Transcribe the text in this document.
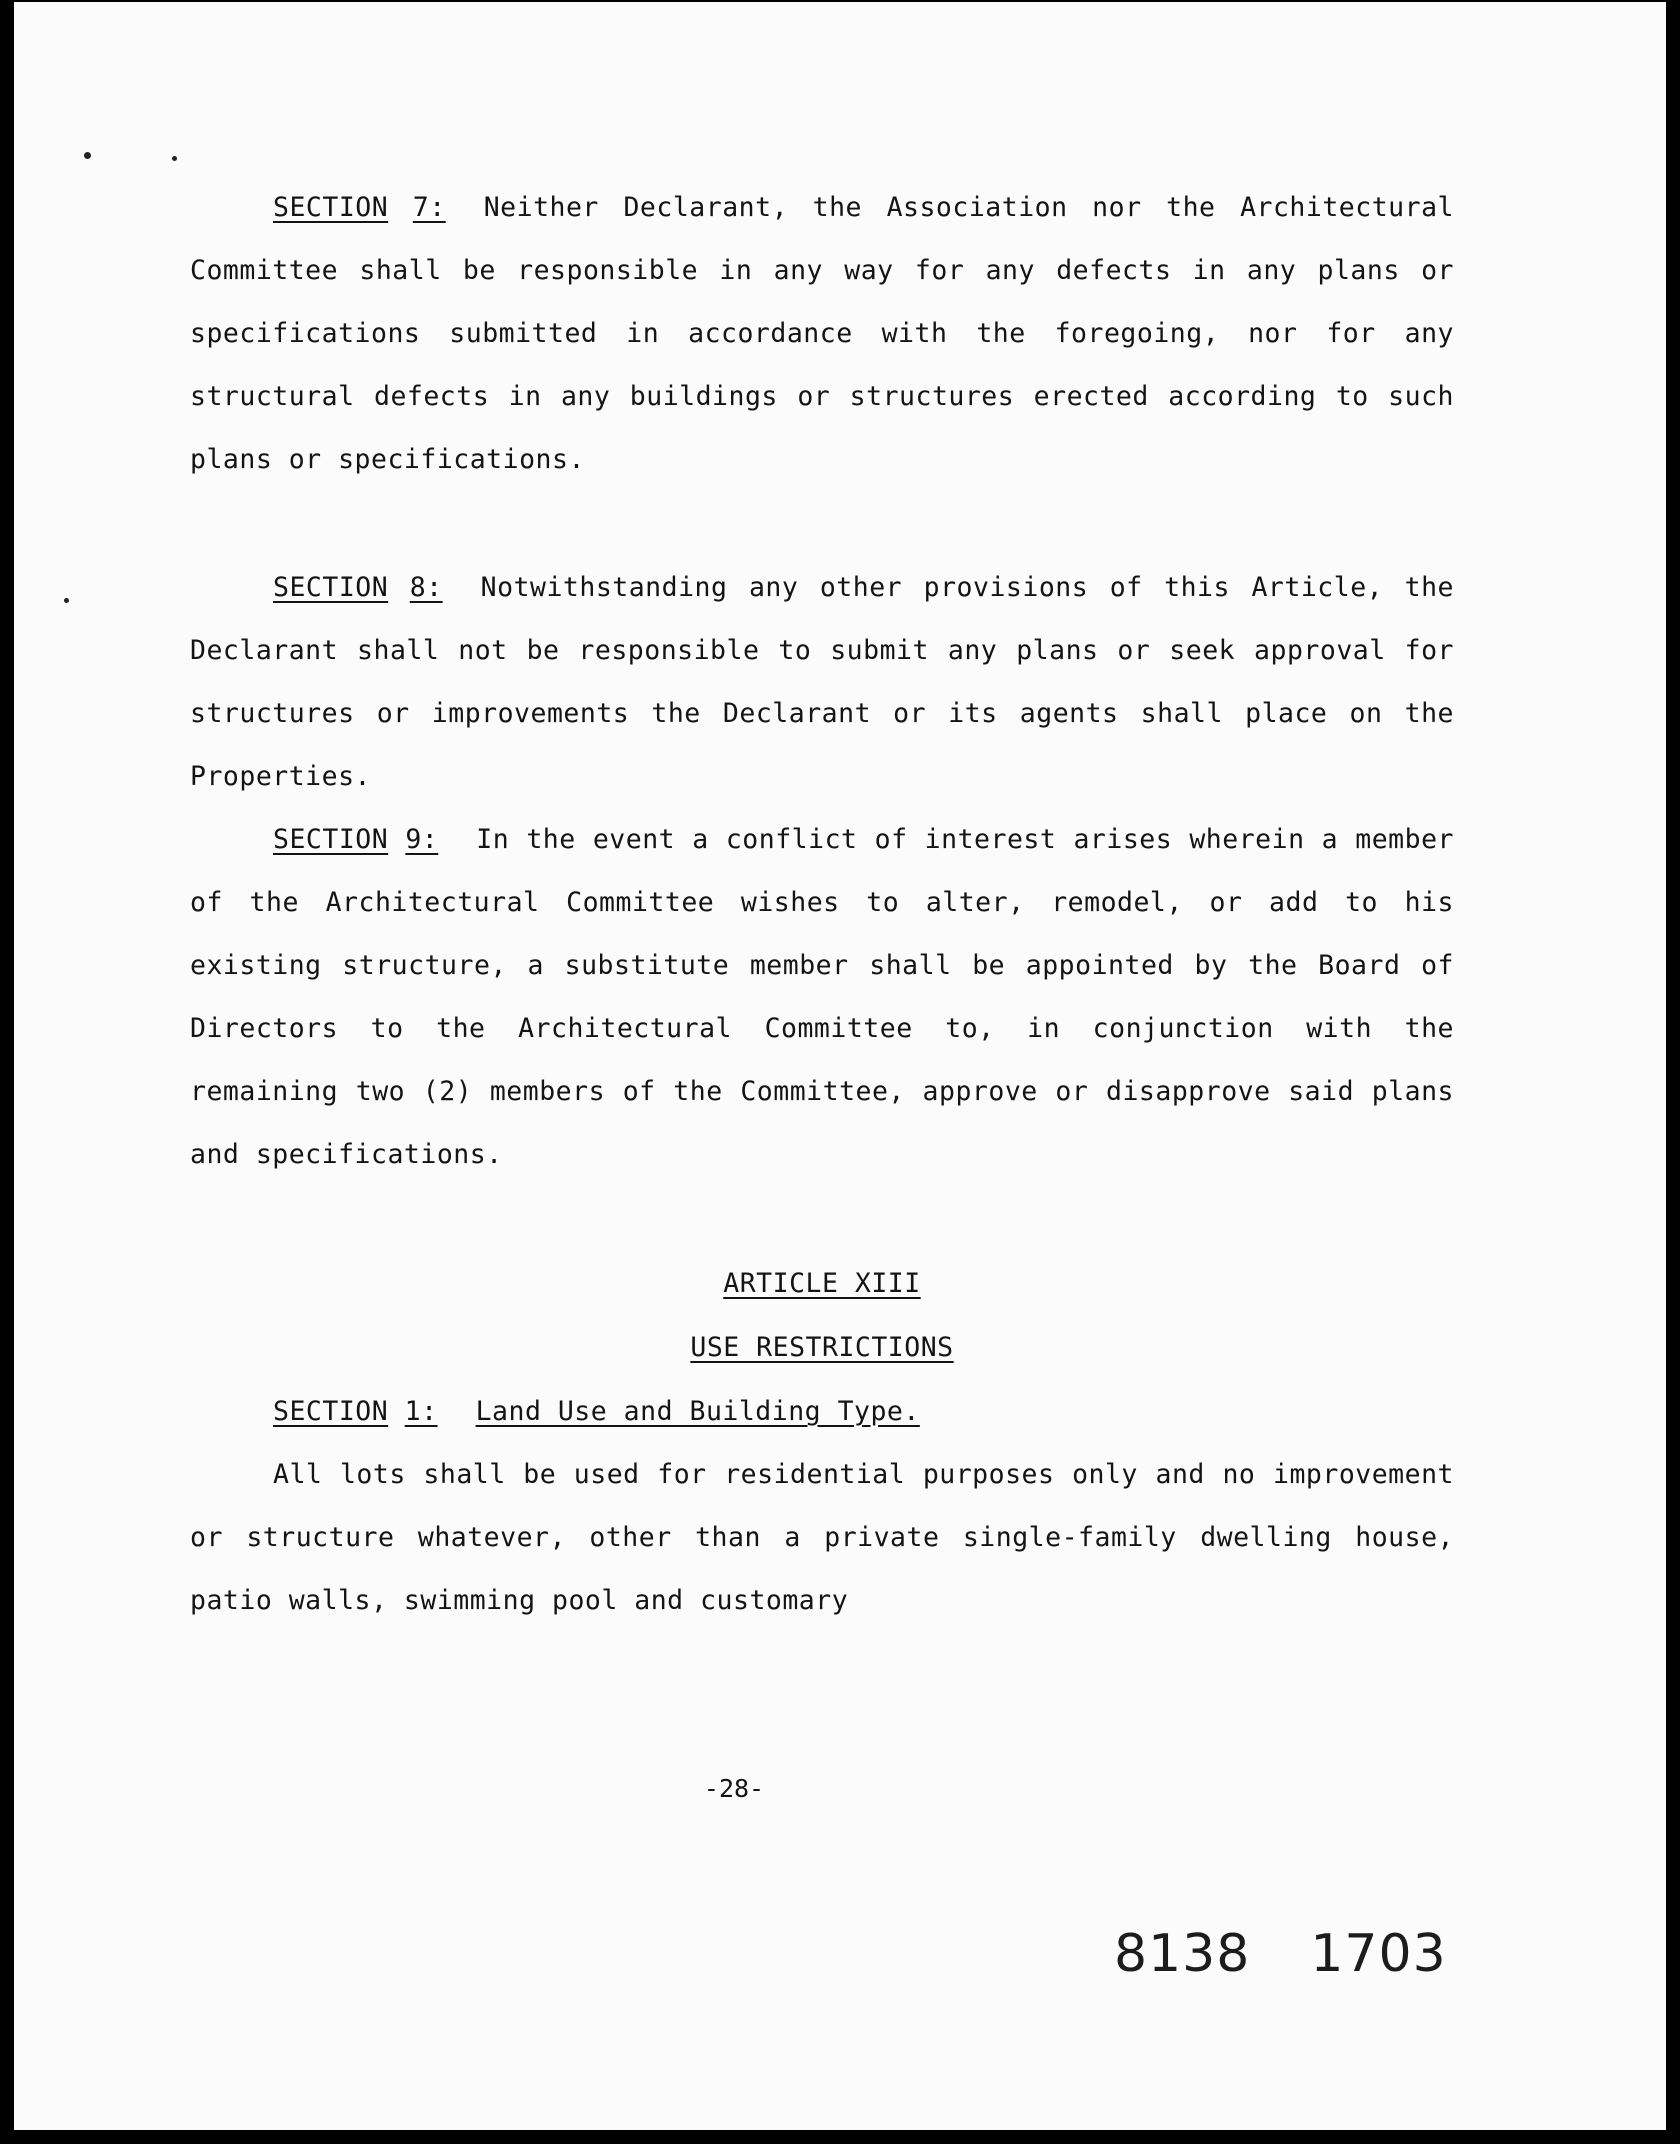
SECTION 7: Neither Declarant, the Association nor the Architectural Committee shall be responsible in any way for any defects in any plans or specifications submitted in accordance with the foregoing, nor for any structural defects in any buildings or structures erected according to such plans or specifications.

SECTION 8: Notwithstanding any other provisions of this Article, the Declarant shall not be responsible to submit any plans or seek approval for structures or improvements the Declarant or its agents shall place on the Properties.

SECTION 9: In the event a conflict of interest arises wherein a member of the Architectural Committee wishes to alter, remodel, or add to his existing structure, a substitute member shall be appointed by the Board of Directors to the Architectural Committee to, in conjunction with the remaining two (2) members of the Committee, approve or disapprove said plans and specifications.

ARTICLE XIII
USE RESTRICTIONS

SECTION 1: Land Use and Building Type.

All lots shall be used for residential purposes only and no improvement or structure whatever, other than a private single-family dwelling house, patio walls, swimming pool and customary

-28-
8138 1703
